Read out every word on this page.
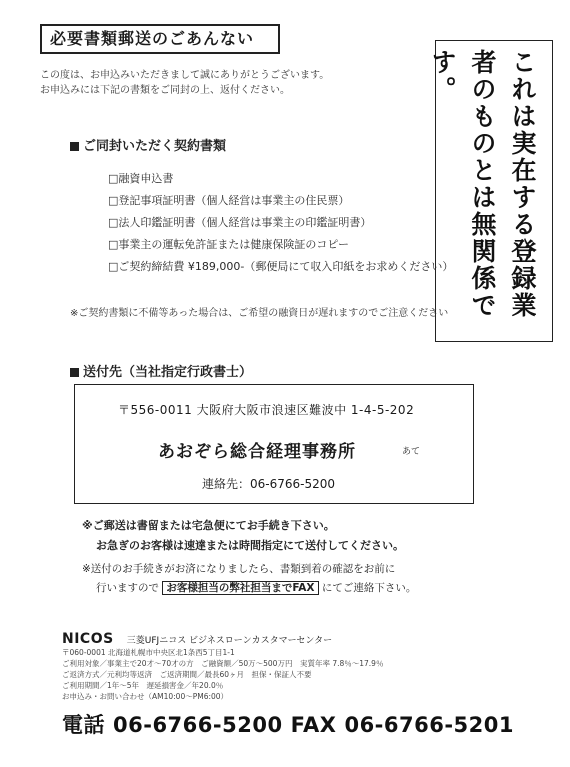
必要書類郵送のごあんない
これは実在する登録業者のものとは無関係です。
この度は、お申込みいただきまして誠にありがとうございます。
お申込みには下記の書類をご同封の上、返付ください。
ご同封いただく契約書類
□融資申込書
□登記事項証明書（個人経営は事業主の住民票）
□法人印鑑証明書（個人経営は事業主の印鑑証明書）
□事業主の運転免許証または健康保険証のコピー
□ご契約締結費 ¥189,000-（郵便局にて収入印紙をお求めください）
※ご契約書類に不備等あった場合は、ご希望の融資日が遅れますのでご注意ください
送付先（当社指定行政書士）
〒556-0011 大阪府大阪市浪速区難波中 1-4-5-202
あおぞら総合経理事務所	あて
連絡先：06-6766-5200
※ご郵送は書留または宅急便にてお手続き下さい。
お急ぎのお客様は速達または時間指定にて送付してください。
※送付のお手続きがお済になりましたら、書類到着の確認をお前に
行いますので お客様担当の弊社担当までFAX にてご連絡下さい。
NICOS 三菱UFJニコス ビジネスローンカスタマーセンター
〒060-0001 北海道札幌市中央区北1条西5丁目1-1
ご利用対象／事業主で20才～70才の方　ご融資額／50万～500万円　実質年率 7.8％～17.9％
ご返済方式／元利均等返済　ご返済期間／最長60ヶ月　担保・保証人不要
ご利用期間／1年～5年　遅延損害金／年20.0％
お申込み・お問い合わせ（AM10:00～PM6:00）
電話 06-6766-5200 FAX 06-6766-5201
